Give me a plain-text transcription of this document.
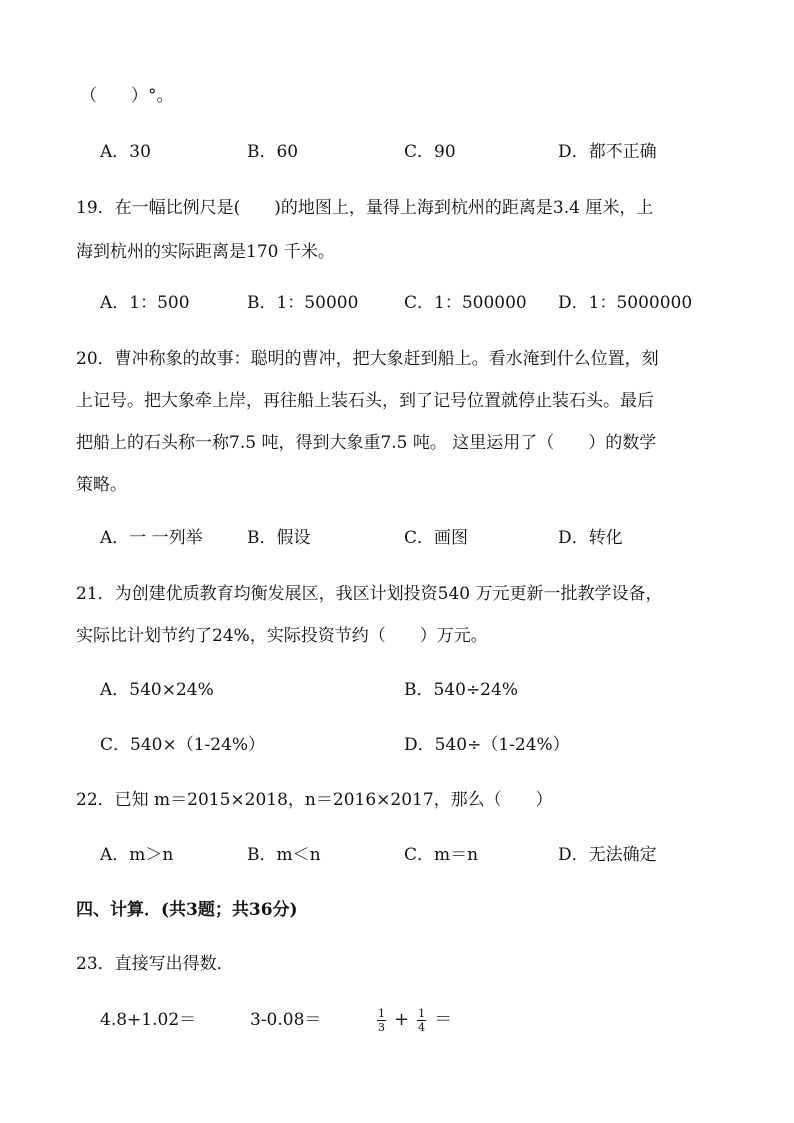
（　　）°。
A．30	B．60	C．90	D．都不正确
19．在一幅比例尺是(　　)的地图上，量得上海到杭州的距离是3.4 厘米，上
海到杭州的实际距离是170 千米。
A．1：500	B．1：50000	C．1：500000 D．1：5000000
20．曹冲称象的故事：聪明的曹冲，把大象赶到船上。看水淹到什么位置，刻
上记号。把大象牵上岸，再往船上装石头，到了记号位置就停止装石头。最后
把船上的石头称一称7.5 吨，得到大象重7.5 吨。 这里运用了（　　）的数学
策略。
A．一 一列举	B．假设	C．画图	D．转化
21．为创建优质教育均衡发展区，我区计划投资540 万元更新一批教学设备，
实际比计划节约了24%，实际投资节约（　　）万元。
A．540×24%	B．540÷24%
C．540×（1-24%）	D．540÷（1-24%）
22．已知 m＝2015×2018，n＝2016×2017，那么（　　）
A．m＞n	B．m＜n	C．m＝n	D．无法确定
四、计算．(共3题；共36分)
23．直接写出得数．
4.8+1.02＝	3-0.08＝	$\frac{1}{3} + \frac{1}{4}$ ＝
